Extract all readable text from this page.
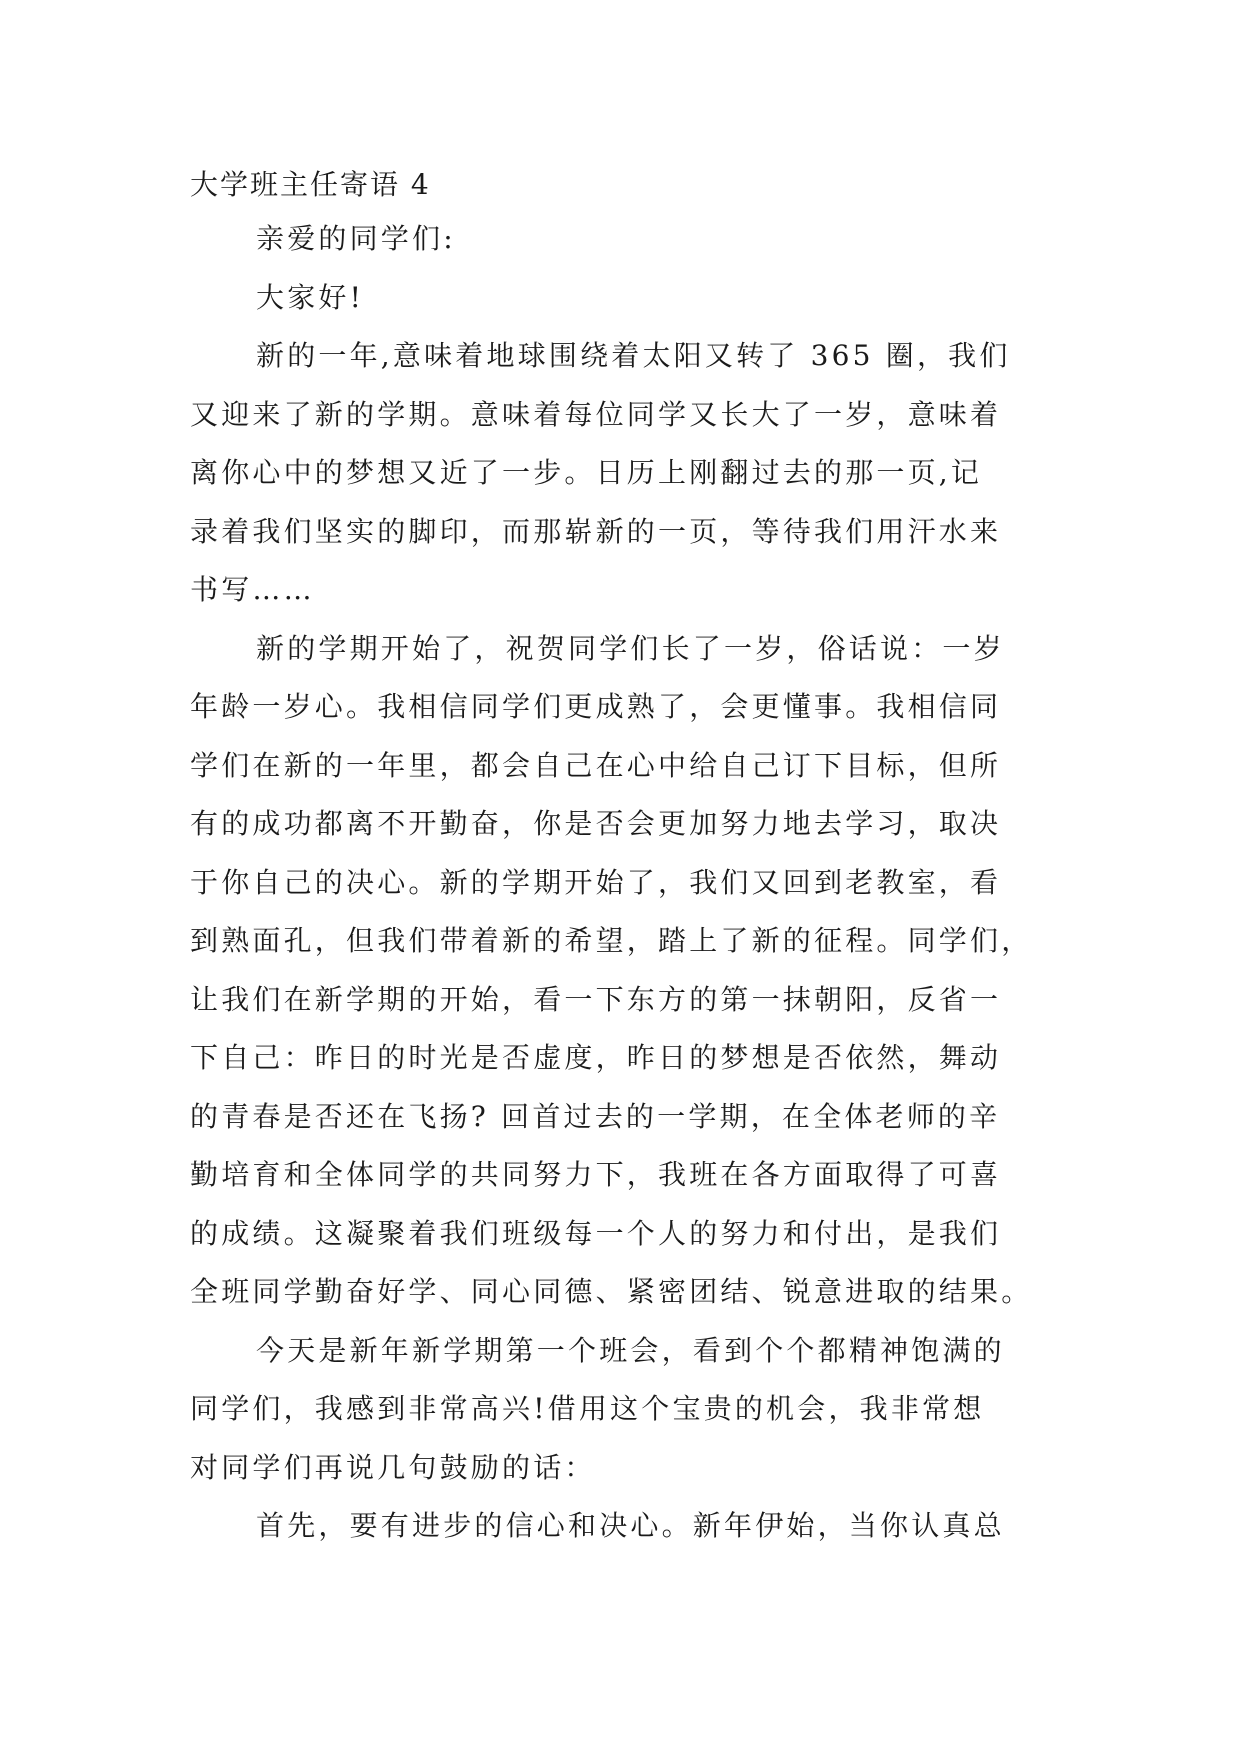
大学班主任寄语 4
亲爱的同学们:
大家好!
新的一年,意味着地球围绕着太阳又转了 365 圈，我们
又迎来了新的学期。意味着每位同学又长大了一岁，意味着
离你心中的梦想又近了一步。日历上刚翻过去的那一页,记
录着我们坚实的脚印，而那崭新的一页，等待我们用汗水来
书写……
新的学期开始了，祝贺同学们长了一岁，俗话说：一岁
年龄一岁心。我相信同学们更成熟了，会更懂事。我相信同
学们在新的一年里，都会自己在心中给自己订下目标，但所
有的成功都离不开勤奋，你是否会更加努力地去学习，取决
于你自己的决心。新的学期开始了，我们又回到老教室，看
到熟面孔，但我们带着新的希望，踏上了新的征程。同学们，
让我们在新学期的开始，看一下东方的第一抹朝阳，反省一
下自己：昨日的时光是否虚度，昨日的梦想是否依然，舞动
的青春是否还在飞扬? 回首过去的一学期，在全体老师的辛
勤培育和全体同学的共同努力下，我班在各方面取得了可喜
的成绩。这凝聚着我们班级每一个人的努力和付出，是我们
全班同学勤奋好学、同心同德、紧密团结、锐意进取的结果。
今天是新年新学期第一个班会，看到个个都精神饱满的
同学们，我感到非常高兴!借用这个宝贵的机会，我非常想
对同学们再说几句鼓励的话：
首先，要有进步的信心和决心。新年伊始，当你认真总
